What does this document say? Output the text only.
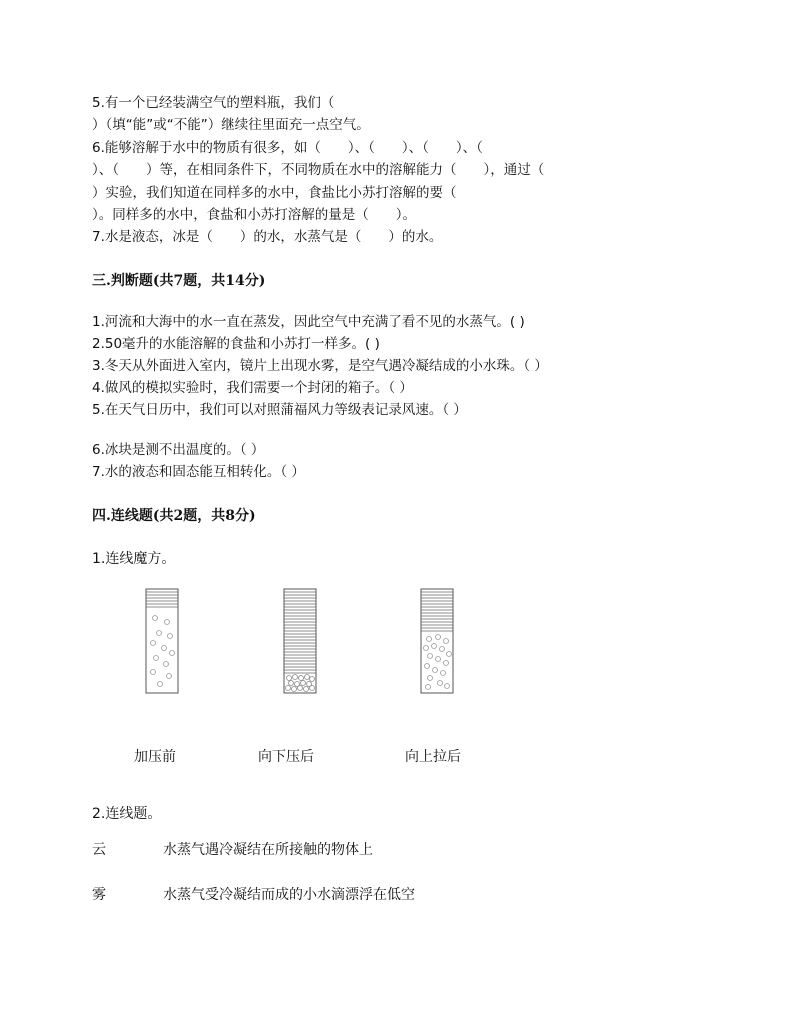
5.有一个已经装满空气的塑料瓶，我们（
）（填“能”或“不能”）继续往里面充一点空气。
6.能够溶解于水中的物质有很多，如（　　）、（　　）、（　　）、（
）、（　　）等，在相同条件下，不同物质在水中的溶解能力（　　），通过（
）实验，我们知道在同样多的水中，食盐比小苏打溶解的要（
）。同样多的水中，食盐和小苏打溶解的量是（　　）。
7.水是液态，冰是（　　）的水，水蒸气是（　　）的水。
三.判断题(共7题，共14分)
1.河流和大海中的水一直在蒸发，因此空气中充满了看不见的水蒸气。( )
2.50毫升的水能溶解的食盐和小苏打一样多。( )
3.冬天从外面进入室内，镜片上出现水雾，是空气遇冷凝结成的小水珠。（ ）
4.做风的模拟实验时，我们需要一个封闭的箱子。（ ）
5.在天气日历中，我们可以对照蒲福风力等级表记录风速。（ ）
6.冰块是测不出温度的。（ ）
7.水的液态和固态能互相转化。（ ）
四.连线题(共2题，共8分)
1.连线魔方。
加压前	向下压后	向上拉后
2.连线题。
云	水蒸气遇冷凝结在所接触的物体上
雾	水蒸气受冷凝结而成的小水滴漂浮在低空
